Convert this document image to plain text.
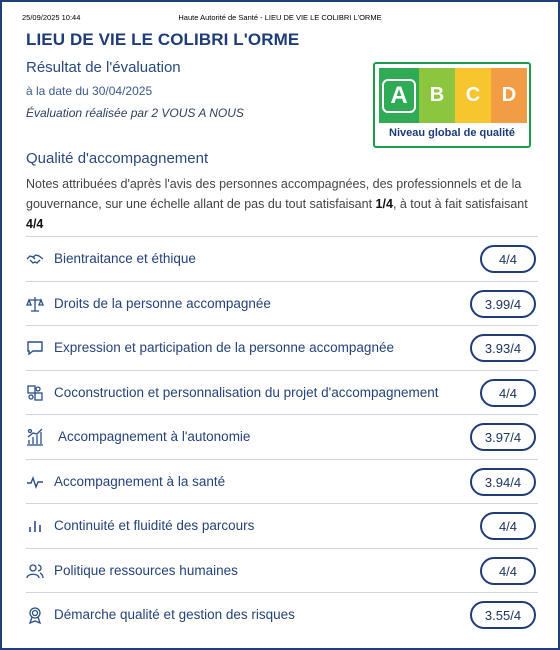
25/09/2025 10:44	Haute Autorité de Santé - LIEU DE VIE LE COLIBRI L'ORME
LIEU DE VIE LE COLIBRI L'ORME
Résultat de l'évaluation
à la date du 30/04/2025
Évaluation réalisée par 2 VOUS A NOUS
A	B	C	D
Niveau global de qualité
Qualité d'accompagnement
Notes attribuées d'après l'avis des personnes accompagnées, des professionnels et de la gouvernance, sur une échelle allant de pas du tout satisfaisant 1/4, à tout à fait satisfaisant 4/4
Bientraitance et éthique	4/4
Droits de la personne accompagnée	3.99/4
Expression et participation de la personne accompagnée	3.93/4
Coconstruction et personnalisation du projet d'accompagnement	4/4
Accompagnement à l'autonomie	3.97/4
Accompagnement à la santé	3.94/4
Continuité et fluidité des parcours	4/4
Politique ressources humaines	4/4
Démarche qualité et gestion des risques	3.55/4
